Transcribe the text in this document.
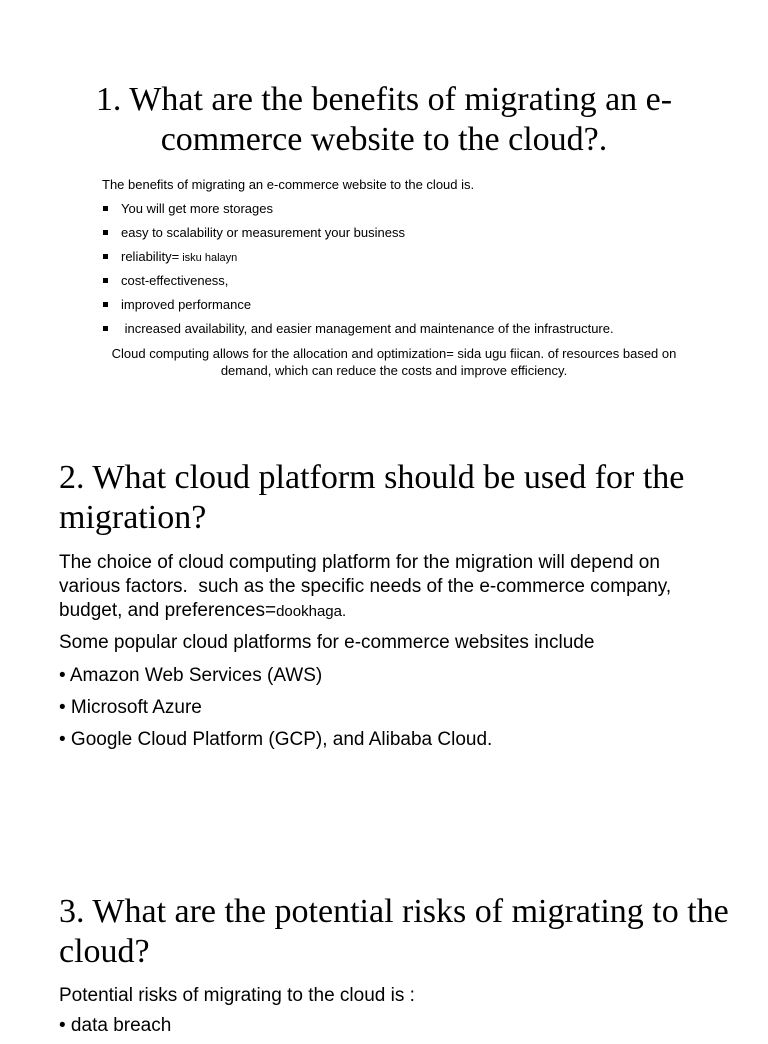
1. What are the benefits of migrating an e-commerce website to the cloud?.

The benefits of migrating an e-commerce website to the cloud is.

You will get more storages
easy to scalability or measurement your business
reliability= isku halayn
cost-effectiveness,
improved performance
increased availability, and easier management and maintenance of the infrastructure.

Cloud computing allows for the allocation and optimization= sida ugu fiican. of resources based on demand, which can reduce the costs and improve efficiency.

2. What cloud platform should be used for the migration?

The choice of cloud computing platform for the migration will depend on various factors.  such as the specific needs of the e-commerce company, budget, and preferences=dookhaga.

Some popular cloud platforms for e-commerce websites include

• Amazon Web Services (AWS)
• Microsoft Azure
• Google Cloud Platform (GCP), and Alibaba Cloud.
3. What are the potential risks of migrating to the cloud?

Potential risks of migrating to the cloud is :

• data breach
